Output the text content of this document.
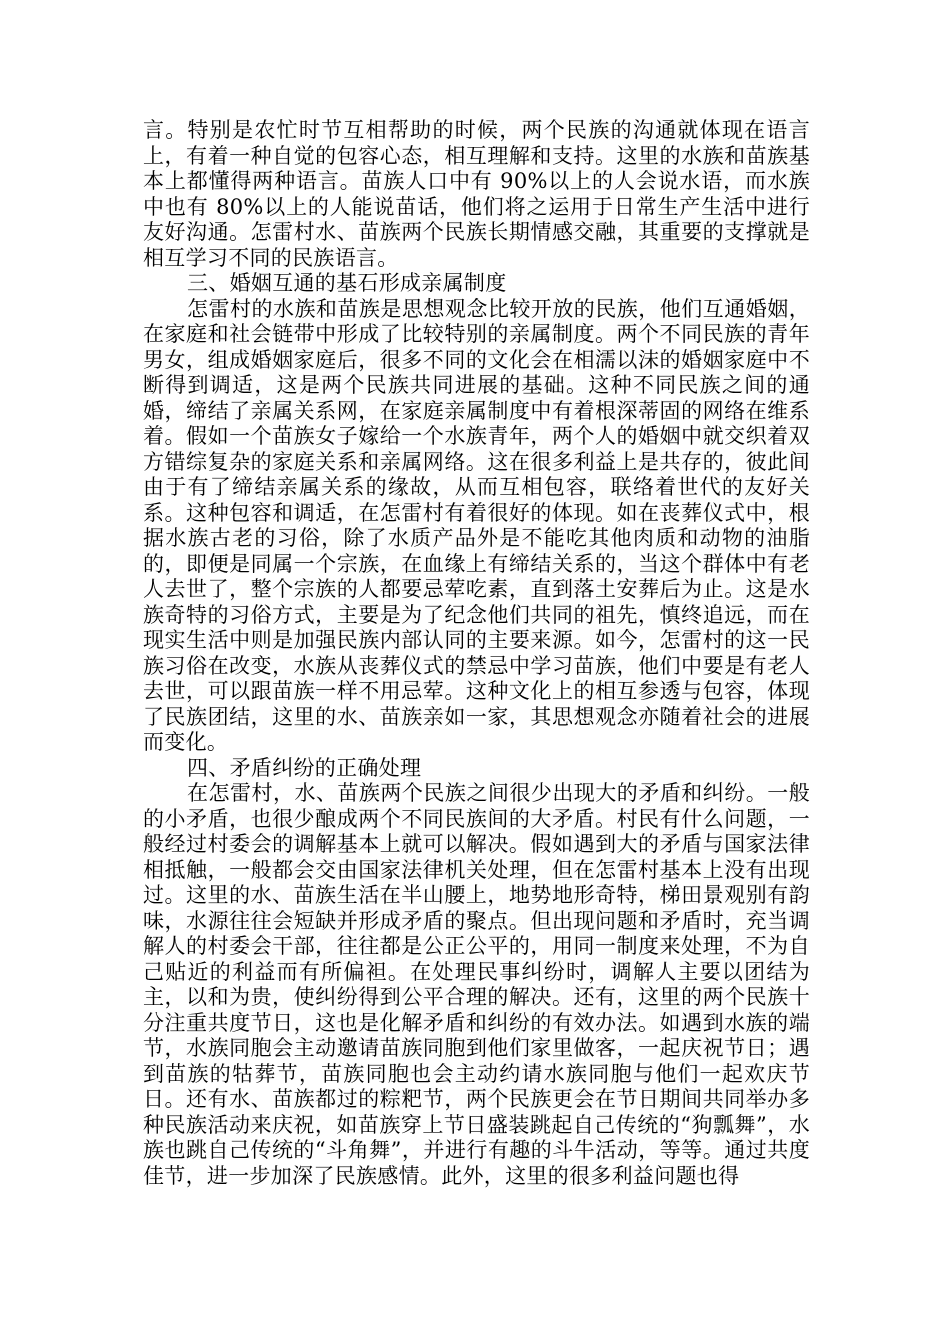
言。特别是农忙时节互相帮助的时候，两个民族的沟通就体现在语言上，有着一种自觉的包容心态，相互理解和支持。这里的水族和苗族基本上都懂得两种语言。苗族人口中有 90%以上的人会说水语，而水族中也有 80%以上的人能说苗话，他们将之运用于日常生产生活中进行友好沟通。怎雷村水、苗族两个民族长期情感交融，其重要的支撑就是相互学习不同的民族语言。

三、婚姻互通的基石形成亲属制度

怎雷村的水族和苗族是思想观念比较开放的民族，他们互通婚姻，在家庭和社会链带中形成了比较特别的亲属制度。两个不同民族的青年男女，组成婚姻家庭后，很多不同的文化会在相濡以沫的婚姻家庭中不断得到调适，这是两个民族共同进展的基础。这种不同民族之间的通婚，缔结了亲属关系网，在家庭亲属制度中有着根深蒂固的网络在维系着。假如一个苗族女子嫁给一个水族青年，两个人的婚姻中就交织着双方错综复杂的家庭关系和亲属网络。这在很多利益上是共存的，彼此间由于有了缔结亲属关系的缘故，从而互相包容，联络着世代的友好关系。这种包容和调适，在怎雷村有着很好的体现。如在丧葬仪式中，根据水族古老的习俗，除了水质产品外是不能吃其他肉质和动物的油脂的，即便是同属一个宗族，在血缘上有缔结关系的，当这个群体中有老人去世了，整个宗族的人都要忌荤吃素，直到落土安葬后为止。这是水族奇特的习俗方式，主要是为了纪念他们共同的祖先，慎终追远，而在现实生活中则是加强民族内部认同的主要来源。如今，怎雷村的这一民族习俗在改变，水族从丧葬仪式的禁忌中学习苗族，他们中要是有老人去世，可以跟苗族一样不用忌荤。这种文化上的相互参透与包容，体现了民族团结，这里的水、苗族亲如一家，其思想观念亦随着社会的进展而变化。

四、矛盾纠纷的正确处理

在怎雷村，水、苗族两个民族之间很少出现大的矛盾和纠纷。一般的小矛盾，也很少酿成两个不同民族间的大矛盾。村民有什么问题，一般经过村委会的调解基本上就可以解决。假如遇到大的矛盾与国家法律相抵触，一般都会交由国家法律机关处理，但在怎雷村基本上没有出现过。这里的水、苗族生活在半山腰上，地势地形奇特，梯田景观别有韵味，水源往往会短缺并形成矛盾的聚点。但出现问题和矛盾时，充当调解人的村委会干部，往往都是公正公平的，用同一制度来处理，不为自己贴近的利益而有所偏袒。在处理民事纠纷时，调解人主要以团结为主，以和为贵，使纠纷得到公平合理的解决。还有，这里的两个民族十分注重共度节日，这也是化解矛盾和纠纷的有效办法。如遇到水族的端节，水族同胞会主动邀请苗族同胞到他们家里做客，一起庆祝节日；遇到苗族的牯葬节，苗族同胞也会主动约请水族同胞与他们一起欢庆节日。还有水、苗族都过的粽粑节，两个民族更会在节日期间共同举办多种民族活动来庆祝，如苗族穿上节日盛装跳起自己传统的“狗瓢舞”，水族也跳自己传统的“斗角舞”，并进行有趣的斗牛活动，等等。通过共度佳节，进一步加深了民族感情。此外，这里的很多利益问题也得
